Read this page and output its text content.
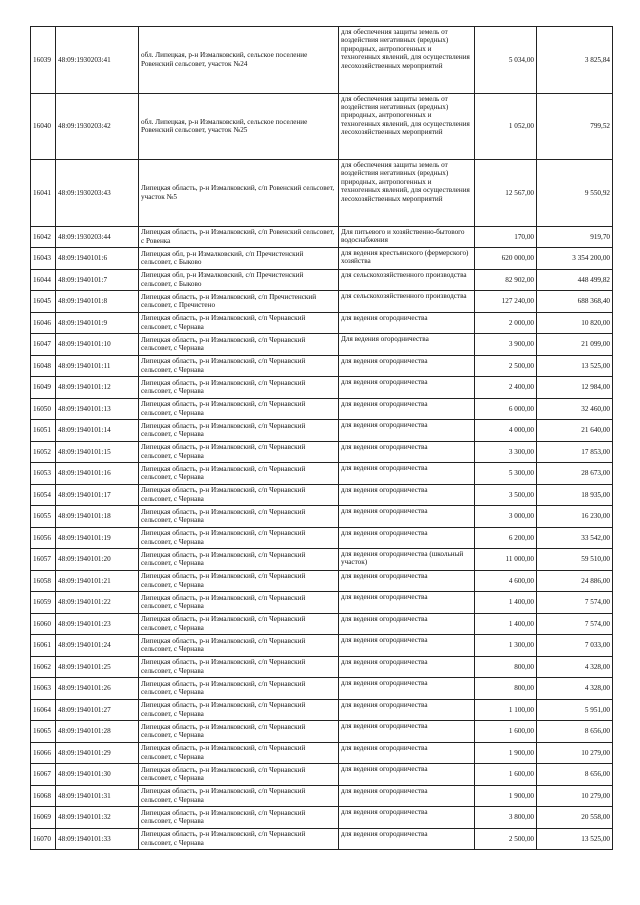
16039	48:09:1930203:41	обл. Липецкая, р-н Измалковский, сельское поселение Ровенский сельсовет, участок №24	для обеспечения защиты земель от воздействия негативных (вредных) природных, антропогенных и техногенных явлений, для осуществления лесохозяйственных мероприятий	5 034,00	3 825,84
16040	48:09:1930203:42	обл. Липецкая, р-н Измалковский, сельское поселение Ровенский сельсовет, участок №25	для обеспечения защиты земель от воздействия негативных (вредных) природных, антропогенных и техногенных явлений, для осуществления лесохозяйственных мероприятий	1 052,00	799,52
16041	48:09:1930203:43	Липецкая область, р-н Измалковский, с/п Ровенский сельсовет, участок №5	для обеспечения защиты земель от воздействия негативных (вредных) природных, антропогенных и техногенных явлений, для осуществления лесохозяйственных мероприятий	12 567,00	9 550,92
16042	48:09:1930203:44	Липецкая область, р-н Измалковский, с/п Ровенский сельсовет, с Ровенка	Для питьевого и хозяйственно-бытового водоснабжения	170,00	919,70
16043	48:09:1940101:6	Липецкая обл, р-н Измалковский, с/п Пречистенский сельсовет, с Быково	для ведения крестьянского (фермерского) хозяйства	620 000,00	3 354 200,00
16044	48:09:1940101:7	Липецкая обл, р-н Измалковский, с/п Пречистенский сельсовет, с Быково	для сельскохозяйственного производства	82 902,00	448 499,82
16045	48:09:1940101:8	Липецкая область, р-н Измалковский, с/п Пречистенский сельсовет, с Пречистено	для сельскохозяйственного производства	127 240,00	688 368,40
16046	48:09:1940101:9	Липецкая область, р-н Измалковский, с/п Чернавский сельсовет, с Чернава	для ведения огородничества	2 000,00	10 820,00
16047	48:09:1940101:10	Липецкая область, р-н Измалковский, с/п Чернавский сельсовет, с Чернава	Для ведения огородничества	3 900,00	21 099,00
16048	48:09:1940101:11	Липецкая область, р-н Измалковский, с/п Чернавский сельсовет, с Чернава	для ведения огородничества	2 500,00	13 525,00
16049	48:09:1940101:12	Липецкая область, р-н Измалковский, с/п Чернавский сельсовет, с Чернава	для ведения огородничества	2 400,00	12 984,00
16050	48:09:1940101:13	Липецкая область, р-н Измалковский, с/п Чернавский сельсовет, с Чернава	для ведения огородничества	6 000,00	32 460,00
16051	48:09:1940101:14	Липецкая область, р-н Измалковский, с/п Чернавский сельсовет, с Чернава	для ведения огородничества	4 000,00	21 640,00
16052	48:09:1940101:15	Липецкая область, р-н Измалковский, с/п Чернавский сельсовет, с Чернава	для ведения огородничества	3 300,00	17 853,00
16053	48:09:1940101:16	Липецкая область, р-н Измалковский, с/п Чернавский сельсовет, с Чернава	для ведения огородничества	5 300,00	28 673,00
16054	48:09:1940101:17	Липецкая область, р-н Измалковский, с/п Чернавский сельсовет, с Чернава	для ведения огородничества	3 500,00	18 935,00
16055	48:09:1940101:18	Липецкая область, р-н Измалковский, с/п Чернавский сельсовет, с Чернава	для ведения огородничества	3 000,00	16 230,00
16056	48:09:1940101:19	Липецкая область, р-н Измалковский, с/п Чернавский сельсовет, с Чернава	для ведения огородничества	6 200,00	33 542,00
16057	48:09:1940101:20	Липецкая область, р-н Измалковский, с/п Чернавский сельсовет, с Чернава	для ведения огородничества (школьный участок)	11 000,00	59 510,00
16058	48:09:1940101:21	Липецкая область, р-н Измалковский, с/п Чернавский сельсовет, с Чернава	для ведения огородничества	4 600,00	24 886,00
16059	48:09:1940101:22	Липецкая область, р-н Измалковский, с/п Чернавский сельсовет, с Чернава	для ведения огородничества	1 400,00	7 574,00
16060	48:09:1940101:23	Липецкая область, р-н Измалковский, с/п Чернавский сельсовет, с Чернава	для ведения огородничества	1 400,00	7 574,00
16061	48:09:1940101:24	Липецкая область, р-н Измалковский, с/п Чернавский сельсовет, с Чернава	для ведения огородничества	1 300,00	7 033,00
16062	48:09:1940101:25	Липецкая область, р-н Измалковский, с/п Чернавский сельсовет, с Чернава	для ведения огородничества	800,00	4 328,00
16063	48:09:1940101:26	Липецкая область, р-н Измалковский, с/п Чернавский сельсовет, с Чернава	для ведения огородничества	800,00	4 328,00
16064	48:09:1940101:27	Липецкая область, р-н Измалковский, с/п Чернавский сельсовет, с Чернава	для ведения огородничества	1 100,00	5 951,00
16065	48:09:1940101:28	Липецкая область, р-н Измалковский, с/п Чернавский сельсовет, с Чернава	для ведения огородничества	1 600,00	8 656,00
16066	48:09:1940101:29	Липецкая область, р-н Измалковский, с/п Чернавский сельсовет, с Чернава	для ведения огородничества	1 900,00	10 279,00
16067	48:09:1940101:30	Липецкая область, р-н Измалковский, с/п Чернавский сельсовет, с Чернава	для ведения огородничества	1 600,00	8 656,00
16068	48:09:1940101:31	Липецкая область, р-н Измалковский, с/п Чернавский сельсовет, с Чернава	для ведения огородничества	1 900,00	10 279,00
16069	48:09:1940101:32	Липецкая область, р-н Измалковский, с/п Чернавский сельсовет, с Чернава	для ведения огородничества	3 800,00	20 558,00
16070	48:09:1940101:33	Липецкая область, р-н Измалковский, с/п Чернавский сельсовет, с Чернава	для ведения огородничества	2 500,00	13 525,00
